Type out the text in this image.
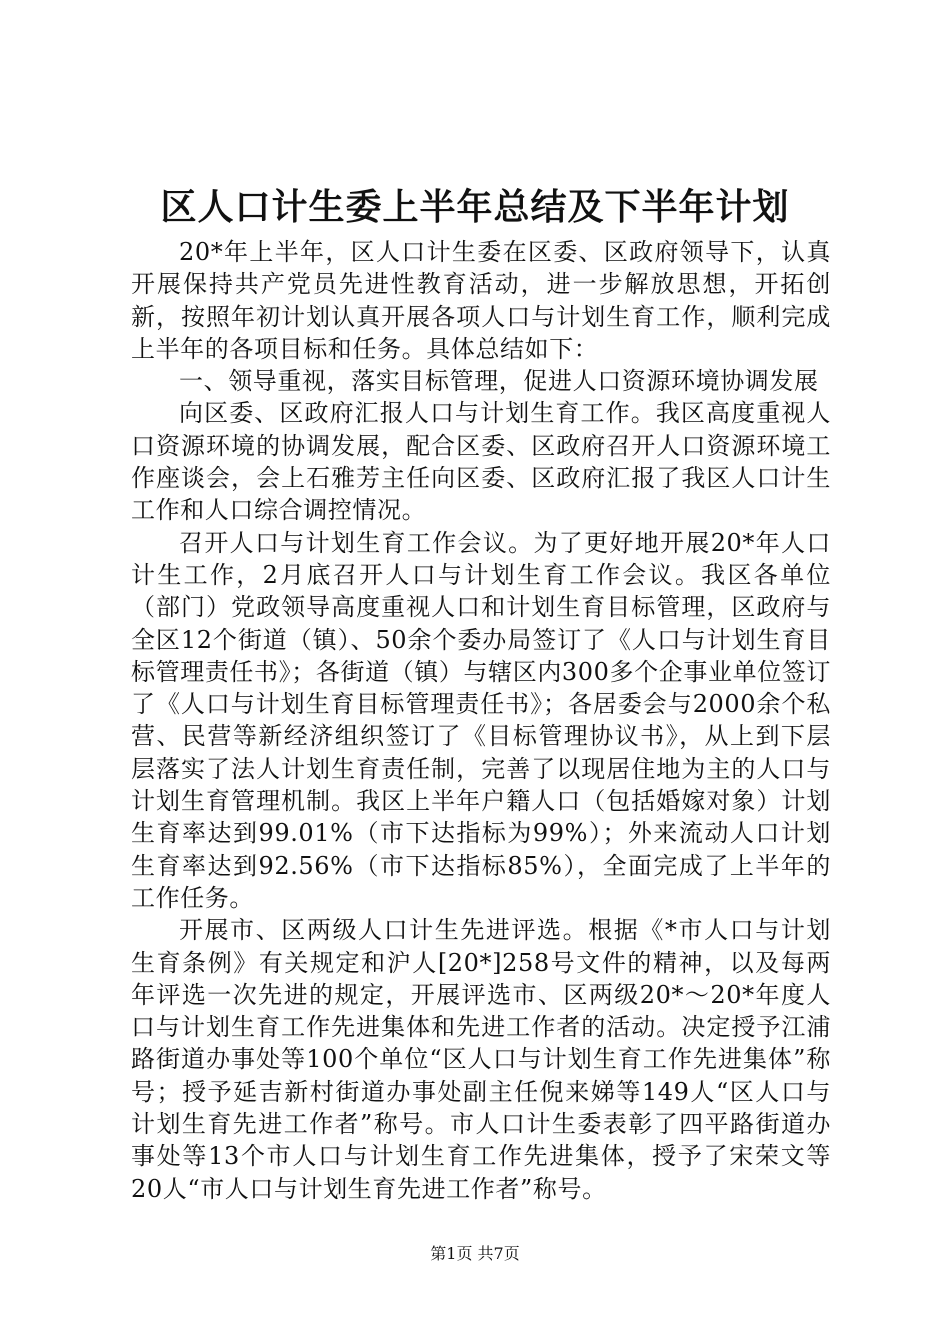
区人口计生委上半年总结及下半年计划

20*年上半年，区人口计生委在区委、区政府领导下，认真开展保持共产党员先进性教育活动，进一步解放思想，开拓创新，按照年初计划认真开展各项人口与计划生育工作，顺利完成上半年的各项目标和任务。具体总结如下：

一、领导重视，落实目标管理，促进人口资源环境协调发展

向区委、区政府汇报人口与计划生育工作。我区高度重视人口资源环境的协调发展，配合区委、区政府召开人口资源环境工作座谈会，会上石雅芳主任向区委、区政府汇报了我区人口计生工作和人口综合调控情况。

召开人口与计划生育工作会议。为了更好地开展20*年人口计生工作，2月底召开人口与计划生育工作会议。我区各单位（部门）党政领导高度重视人口和计划生育目标管理，区政府与全区12个街道（镇）、50余个委办局签订了《人口与计划生育目标管理责任书》；各街道（镇）与辖区内300多个企事业单位签订了《人口与计划生育目标管理责任书》；各居委会与2000余个私营、民营等新经济组织签订了《目标管理协议书》，从上到下层层落实了法人计划生育责任制，完善了以现居住地为主的人口与计划生育管理机制。我区上半年户籍人口（包括婚嫁对象）计划生育率达到99.01%（市下达指标为99%）；外来流动人口计划生育率达到92.56%（市下达指标85%），全面完成了上半年的工作任务。

开展市、区两级人口计生先进评选。根据《*市人口与计划生育条例》有关规定和沪人[20*]258号文件的精神，以及每两年评选一次先进的规定，开展评选市、区两级20*～20*年度人口与计划生育工作先进集体和先进工作者的活动。决定授予江浦路街道办事处等100个单位“区人口与计划生育工作先进集体”称号；授予延吉新村街道办事处副主任倪来娣等149人“区人口与计划生育先进工作者”称号。市人口计生委表彰了四平路街道办事处等13个市人口与计划生育工作先进集体，授予了宋荣文等20人“市人口与计划生育先进工作者”称号。

第1页 共7页
